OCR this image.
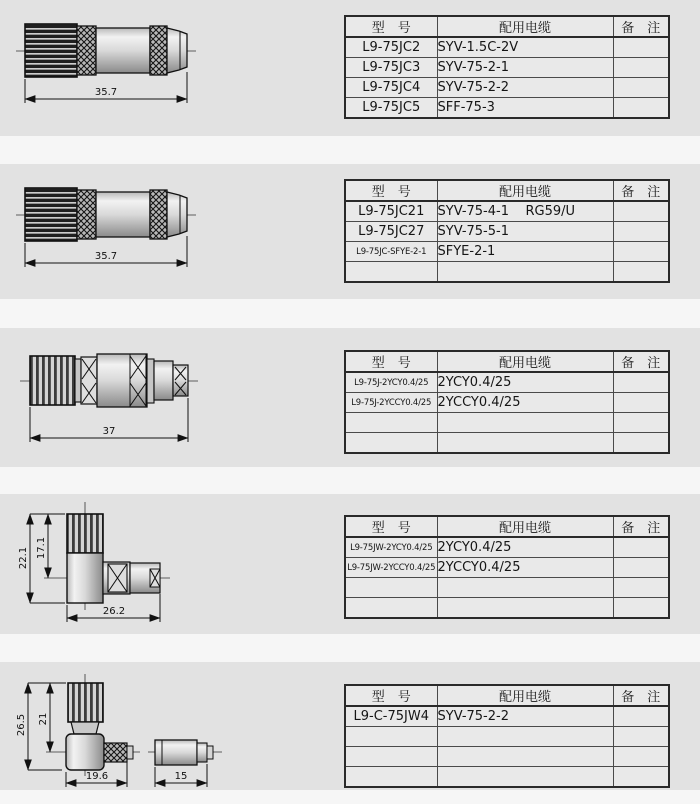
35.7
型　号	配用电缆	备　注
L9-75JC2	SYV-1.5C-2V	
L9-75JC3	SYV-75-2-1	
L9-75JC4	SYV-75-2-2	
L9-75JC5	SFF-75-3	
35.7
型　号	配用电缆	备　注
L9-75JC21	SYV-75-4-1    RG59/U	
L9-75JC27	SYV-75-5-1	
L9-75JC-SFYE-2-1	SFYE-2-1	

37
型　号	配用电缆	备　注
L9-75J-2YCY0.4/25	2YCY0.4/25	
L9-75J-2YCCY0.4/25	2YCCY0.4/25	

22.1 17.1
26.2
型　号	配用电缆	备　注
L9-75JW-2YCY0.4/25	2YCY0.4/25	
L9-75JW-2YCCY0.4/25	2YCCY0.4/25	

26.5 21
19.6	15
型　号	配用电缆	备　注
L9-C-75JW4	SYV-75-2-2	
